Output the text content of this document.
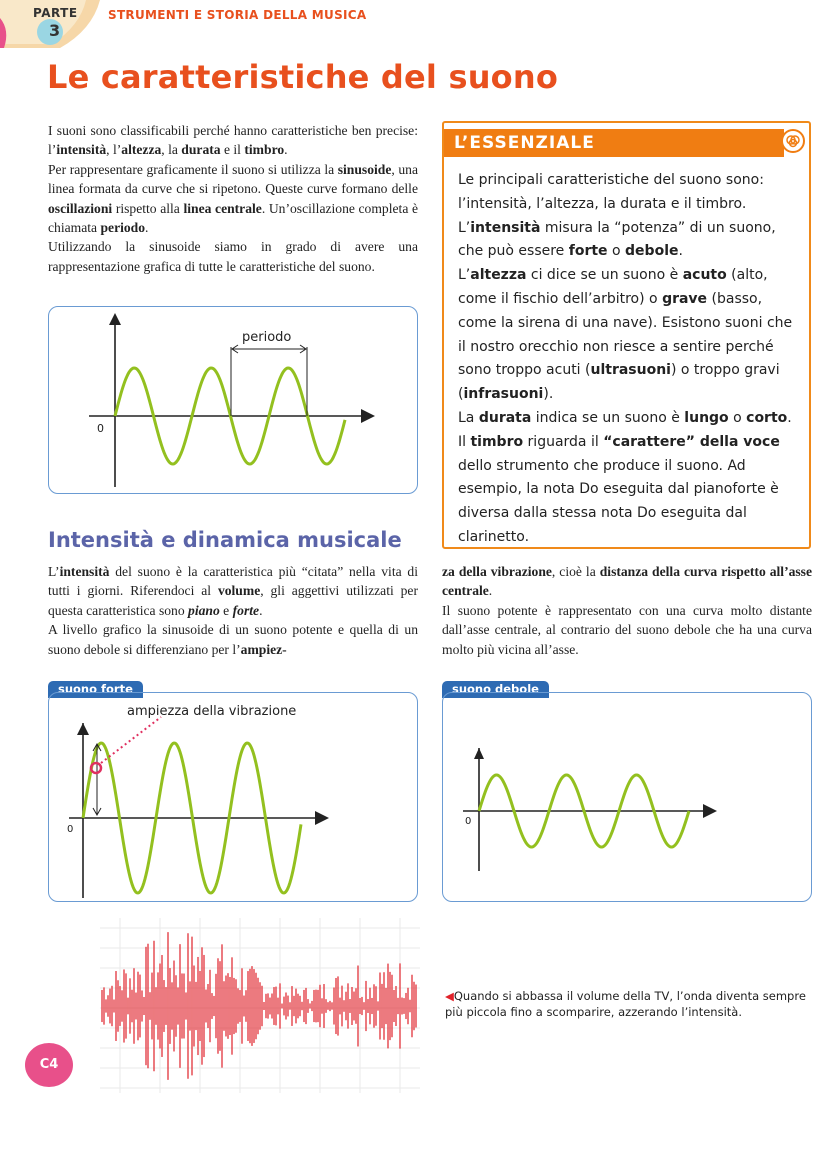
PARTE
3
STRUMENTI E STORIA DELLA MUSICA
Le caratteristiche del suono

I suoni sono classificabili perché hanno caratteristiche ben precise: l’intensità, l’altezza, la durata e il timbro.

Per rappresentare graficamente il suono si utilizza la sinusoide, una linea formata da curve che si ripetono. Queste curve formano delle oscillazioni rispetto alla linea centrale. Un’oscillazione completa è chiamata periodo.

Utilizzando la sinusoide siamo in grado di avere una rappresentazione grafica di tutte le caratteristiche del suono.

periodo
0
L’ESSENZIALE

Le principali caratteristiche del suono sono: l’intensità, l’altezza, la durata e il timbro.

L’intensità misura la “potenza” di un suono, che può essere forte o debole.

L’altezza ci dice se un suono è acuto (alto, come il fischio dell’arbitro) o grave (basso, come la sirena di una nave). Esistono suoni che il nostro orecchio non riesce a sentire perché sono troppo acuti (ultrasuoni) o troppo gravi (infrasuoni).

La durata indica se un suono è lungo o corto.

Il timbro riguarda il “carattere” della voce dello strumento che produce il suono. Ad esempio, la nota Do eseguita dal pianoforte è diversa dalla stessa nota Do eseguita dal clarinetto.

Intensità e dinamica musicale

L’intensità del suono è la caratteristica più “citata” nella vita di tutti i giorni. Riferendoci al volume, gli aggettivi utilizzati per questa caratteristica sono piano e forte.

A livello grafico la sinusoide di un suono potente e quella di un suono debole si differenziano per l’ampiez-

za della vibrazione, cioè la distanza della curva rispetto all’asse centrale.

Il suono potente è rappresentato con una curva molto distante dall’asse centrale, al contrario del suono debole che ha una curva molto più vicina all’asse.

suono forte
ampiezza della vibrazione
0
suono debole
0
◀Quando si abbassa il volume della TV, l’onda diventa sempre più piccola fino a scomparire, azzerando l’intensità.
C4
